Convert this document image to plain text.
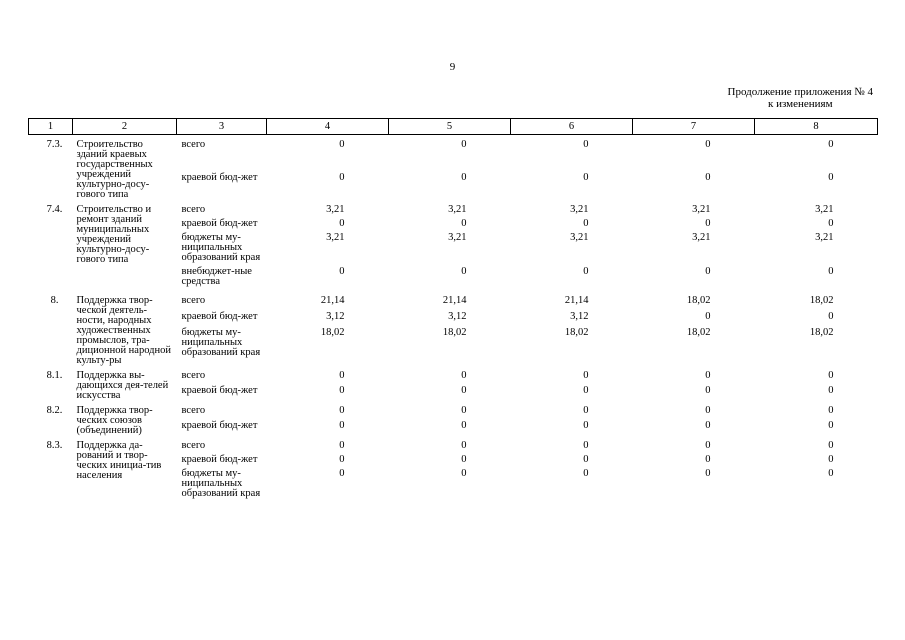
9
Продолжение приложения № 4
к изменениям
1	2	3	4	5	6	7	8
7.3.	Строительство зданий краевых государственных учреждений культурно-досу-гового типа	всего	0	0	0	0	0
		краевой бюд-жет	0	0	0	0	0
7.4.	Строительство и ремонт зданий муниципальных учреждений культурно-досу-гового типа	всего	3,21	3,21	3,21	3,21	3,21
		краевой бюд-жет	0	0	0	0	0
		бюджеты му-ниципальных образований края	3,21	3,21	3,21	3,21	3,21
		внебюджет-ные средства	0	0	0	0	0
8.	Поддержка твор-ческой деятель-ности, народных художественных промыслов, тра-диционной народной культу-ры	всего	21,14	21,14	21,14	18,02	18,02
		краевой бюд-жет	3,12	3,12	3,12	0	0
		бюджеты му-ниципальных образований края	18,02	18,02	18,02	18,02	18,02
8.1.	Поддержка вы-дающихся дея-телей искусства	всего	0	0	0	0	0
		краевой бюд-жет	0	0	0	0	0
8.2.	Поддержка твор-ческих союзов (объединений)	всего	0	0	0	0	0
		краевой бюд-жет	0	0	0	0	0
8.3.	Поддержка да-рований и твор-ческих инициа-тив населения	всего	0	0	0	0	0
		краевой бюд-жет	0	0	0	0	0
		бюджеты му-ниципальных образований края	0	0	0	0	0
